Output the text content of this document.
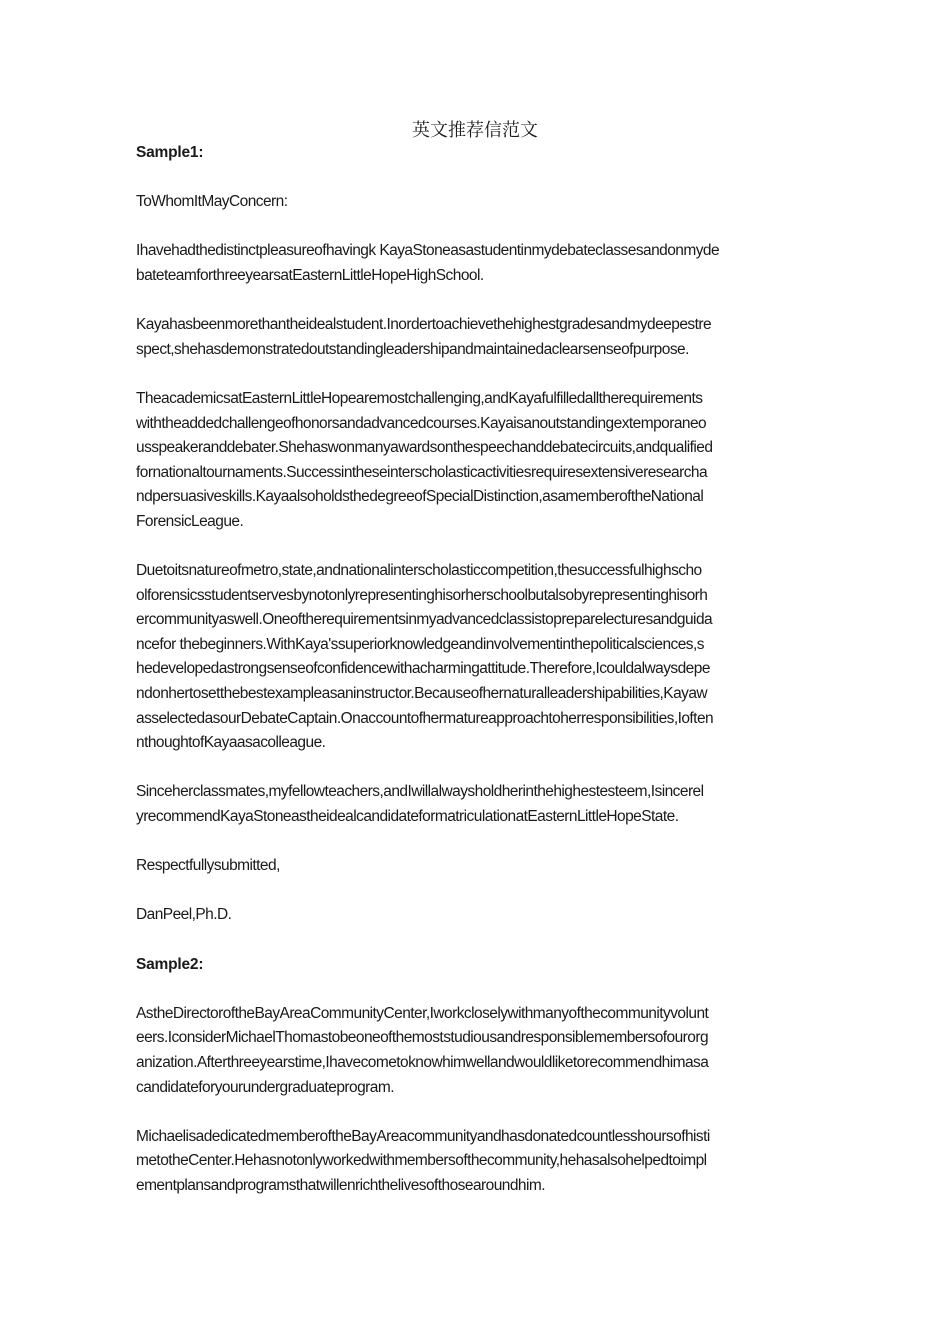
英文推荐信范文
Sample1:
ToWhomItMayConcern:
Ihavehadthedistinctpleasureofhavingk KayaStoneasastudentinmydebateclassesandonmyde
bateteamforthreeyearsatEasternLittleHopeHighSchool.
Kayahasbeenmorethantheidealstudent.Inordertoachievethehighestgradesandmydeepestre
spect,shehasdemonstratedoutstandingleadershipandmaintainedaclearsenseofpurpose.
TheacademicsatEasternLittleHopearemostchallenging,andKayafulfilledalltherequirements
withtheaddedchallengeofhonorsandadvancedcourses.Kayaisanoutstandingextemporaneo
usspeakeranddebater.Shehaswonmanyawardsonthespeechanddebatecircuits,andqualified
fornationaltournaments.Successintheseinterscholasticactivitiesrequiresextensiveresearcha
ndpersuasiveskills.KayaalsoholdsthedegreeofSpecialDistinction,asamemberoftheNational
ForensicLeague.
Duetoitsnatureofmetro,state,andnationalinterscholasticcompetition,thesuccessfulhighscho
olforensicsstudentservesbynotonlyrepresentinghisorherschoolbutalsobyrepresentinghisorh
ercommunityaswell.Oneoftherequirementsinmyadvancedclassistopreparelecturesandguida
ncefor thebeginners.WithKaya'ssuperiorknowledgeandinvolvementinthepoliticalsciences,s
hedevelopedastrongsenseofconfidencewithacharmingattitude.Therefore,Icouldalwaysdepe
ndonhertosetthebestexampleasaninstructor.Becauseofhernaturalleadershipabilities,Kayaw
asselectedasourDebateCaptain.Onaccountofhermatureapproachtoherresponsibilities,Ioften
nthoughtofKayaasacolleague.
Sinceherclassmates,myfellowteachers,andIwillalwaysholdherinthehighestesteem,Isincerel
yrecommendKayaStoneastheidealcandidateformatriculationatEasternLittleHopeState.
Respectfullysubmitted,
DanPeel,Ph.D.
Sample2:
AstheDirectoroftheBayAreaCommunityCenter,Iworkcloselywithmanyofthecommunityvolunt
eers.IconsiderMichaelThomastobeoneofthemoststudiousandresponsiblemembersofourorg
anization.Afterthreeyearstime,Ihavecometoknowhimwellandwouldliketorecommendhimasa
candidateforyourundergraduateprogram.
MichaelisadedicatedmemberoftheBayAreacommunityandhasdonatedcountlesshoursofhisti
metotheCenter.Hehasnotonlyworkedwithmembersofthecommunity,hehasalsohelpedtoimpl
ementplansandprogramsthatwillenrichthelivesofthosearoundhim.
